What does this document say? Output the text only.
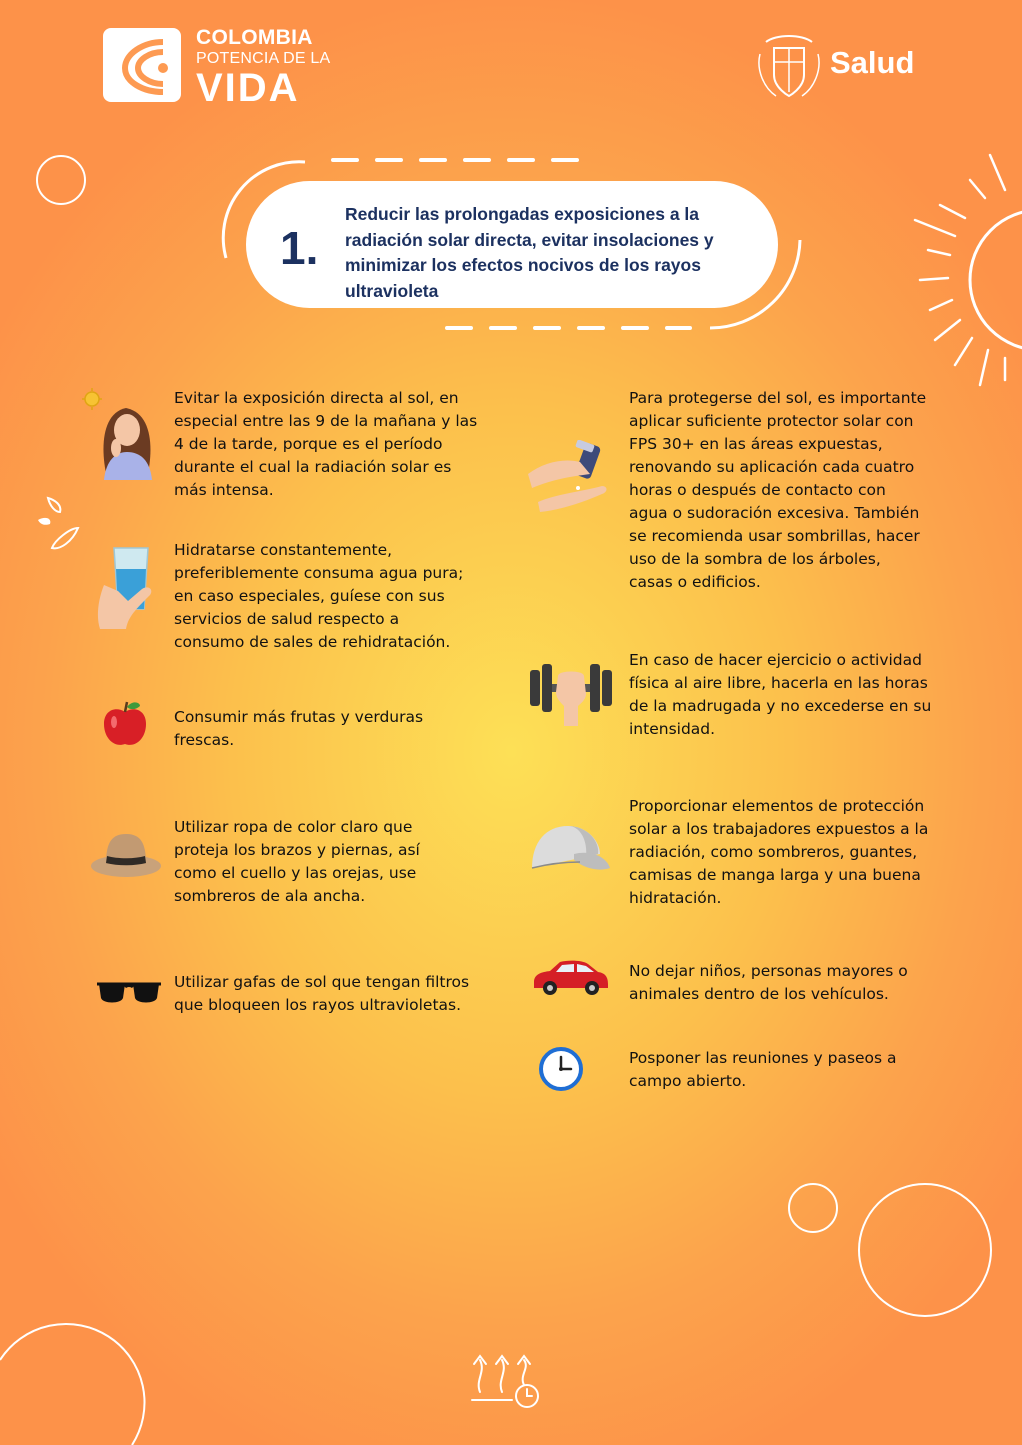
COLOMBIA
POTENCIA DE LA
VIDA
Salud
1.
Reducir las prolongadas exposiciones a la radiación solar directa, evitar insolaciones y minimizar los efectos nocivos de los rayos ultravioleta
Evitar la exposición directa al sol, en especial entre las 9 de la mañana y las 4 de la tarde, porque es el período durante el cual la radiación solar es más intensa.
Hidratarse constantemente, preferiblemente consuma agua pura; en caso especiales, guíese con sus servicios de salud respecto a consumo de sales de rehidratación.
Consumir más frutas y verduras frescas.
Utilizar ropa de color claro que proteja los brazos y piernas, así como el cuello y las orejas, use sombreros de ala ancha.
Utilizar gafas de sol que tengan filtros que bloqueen los rayos ultravioletas.
Para protegerse del sol, es importante aplicar suficiente protector solar con FPS 30+ en las áreas expuestas, renovando su aplicación cada cuatro horas o después de contacto con agua o sudoración excesiva. También se recomienda usar sombrillas, hacer uso de la sombra de los árboles, casas o edificios.
En caso de hacer ejercicio o actividad física al aire libre, hacerla en las horas de la madrugada y no excederse en su intensidad.
Proporcionar elementos de protección solar a los trabajadores expuestos a la radiación, como sombreros, guantes, camisas de manga larga y una buena hidratación.
No dejar niños, personas mayores o animales dentro de los vehículos.
Posponer las reuniones y paseos a campo abierto.
